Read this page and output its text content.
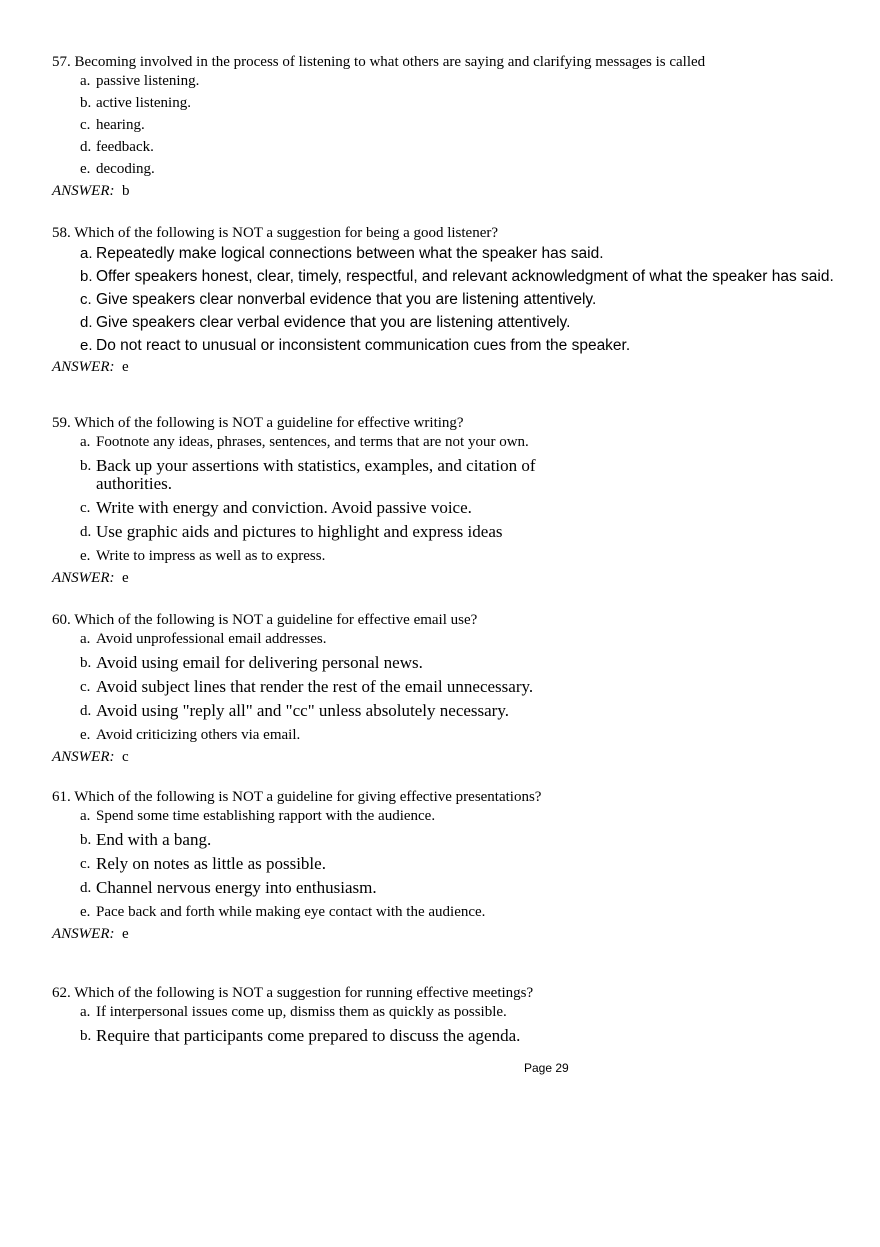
57. Becoming involved in the process of listening to what others are saying and clarifying messages is called

a. passive listening.
b. active listening.
c. hearing.
d. feedback.
e. decoding.
ANSWER: b

58. Which of the following is NOT a suggestion for being a good listener?

a. Repeatedly make logical connections between what the speaker has said.
b. Offer speakers honest, clear, timely, respectful, and relevant acknowledgment of what the speaker has said.
c. Give speakers clear nonverbal evidence that you are listening attentively.
d. Give speakers clear verbal evidence that you are listening attentively.
e. Do not react to unusual or inconsistent communication cues from the speaker.
ANSWER: e

59. Which of the following is NOT a guideline for effective writing?

a. Footnote any ideas, phrases, sentences, and terms that are not your own.
b. Back up your assertions with statistics, examples, and citation of authorities.
c. Write with energy and conviction. Avoid passive voice.
d. Use graphic aids and pictures to highlight and express ideas
e. Write to impress as well as to express.
ANSWER: e

60. Which of the following is NOT a guideline for effective email use?

a. Avoid unprofessional email addresses.
b. Avoid using email for delivering personal news.
c. Avoid subject lines that render the rest of the email unnecessary.
d. Avoid using "reply all" and "cc" unless absolutely necessary.
e. Avoid criticizing others via email.
ANSWER: c

61. Which of the following is NOT a guideline for giving effective presentations?

a. Spend some time establishing rapport with the audience.
b. End with a bang.
c. Rely on notes as little as possible.
d. Channel nervous energy into enthusiasm.
e. Pace back and forth while making eye contact with the audience.
ANSWER: e

62. Which of the following is NOT a suggestion for running effective meetings?

a. If interpersonal issues come up, dismiss them as quickly as possible.
b. Require that participants come prepared to discuss the agenda.
Page 29
